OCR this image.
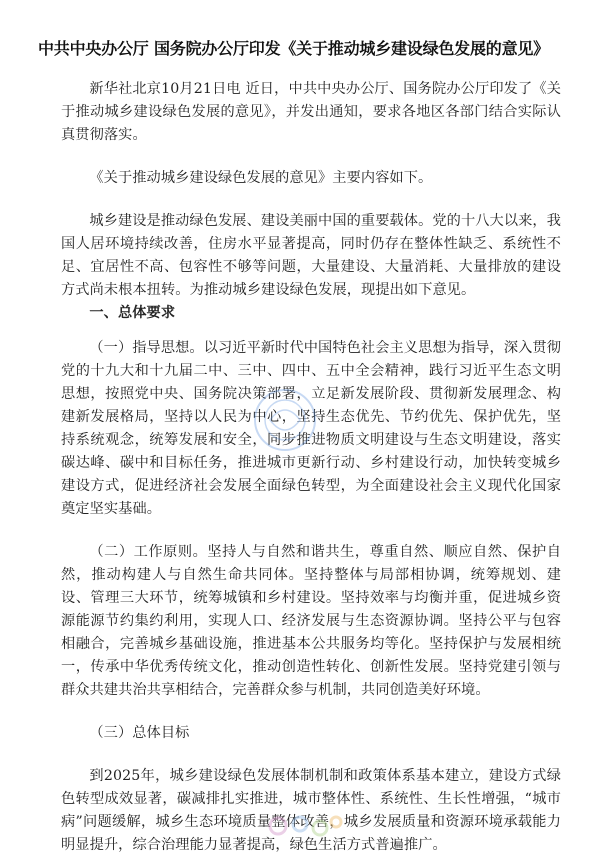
中共中央办公厅 国务院办公厅印发《关于推动城乡建设绿色发展的意见》

新华社北京10月21日电 近日，中共中央办公厅、国务院办公厅印发了《关于推动城乡建设绿色发展的意见》，并发出通知，要求各地区各部门结合实际认真贯彻落实。

《关于推动城乡建设绿色发展的意见》主要内容如下。

城乡建设是推动绿色发展、建设美丽中国的重要载体。党的十八大以来，我国人居环境持续改善，住房水平显著提高，同时仍存在整体性缺乏、系统性不足、宜居性不高、包容性不够等问题，大量建设、大量消耗、大量排放的建设方式尚未根本扭转。为推动城乡建设绿色发展，现提出如下意见。

一、总体要求

（一）指导思想。以习近平新时代中国特色社会主义思想为指导，深入贯彻党的十九大和十九届二中、三中、四中、五中全会精神，践行习近平生态文明思想，按照党中央、国务院决策部署，立足新发展阶段、贯彻新发展理念、构建新发展格局，坚持以人民为中心，坚持生态优先、节约优先、保护优先，坚持系统观念，统筹发展和安全，同步推进物质文明建设与生态文明建设，落实碳达峰、碳中和目标任务，推进城市更新行动、乡村建设行动，加快转变城乡建设方式，促进经济社会发展全面绿色转型，为全面建设社会主义现代化国家奠定坚实基础。

（二）工作原则。坚持人与自然和谐共生，尊重自然、顺应自然、保护自然，推动构建人与自然生命共同体。坚持整体与局部相协调，统筹规划、建设、管理三大环节，统筹城镇和乡村建设。坚持效率与均衡并重，促进城乡资源能源节约集约利用，实现人口、经济发展与生态资源协调。坚持公平与包容相融合，完善城乡基础设施，推进基本公共服务均等化。坚持保护与发展相统一，传承中华优秀传统文化，推动创造性转化、创新性发展。坚持党建引领与群众共建共治共享相结合，完善群众参与机制，共同创造美好环境。

（三）总体目标

到2025年，城乡建设绿色发展体制机制和政策体系基本建立，建设方式绿色转型成效显著，碳减排扎实推进，城市整体性、系统性、生长性增强，“城市病”问题缓解，城乡生态环境质量整体改善，城乡发展质量和资源环境承载能力明显提升，综合治理能力显著提高，绿色生活方式普遍推广。
